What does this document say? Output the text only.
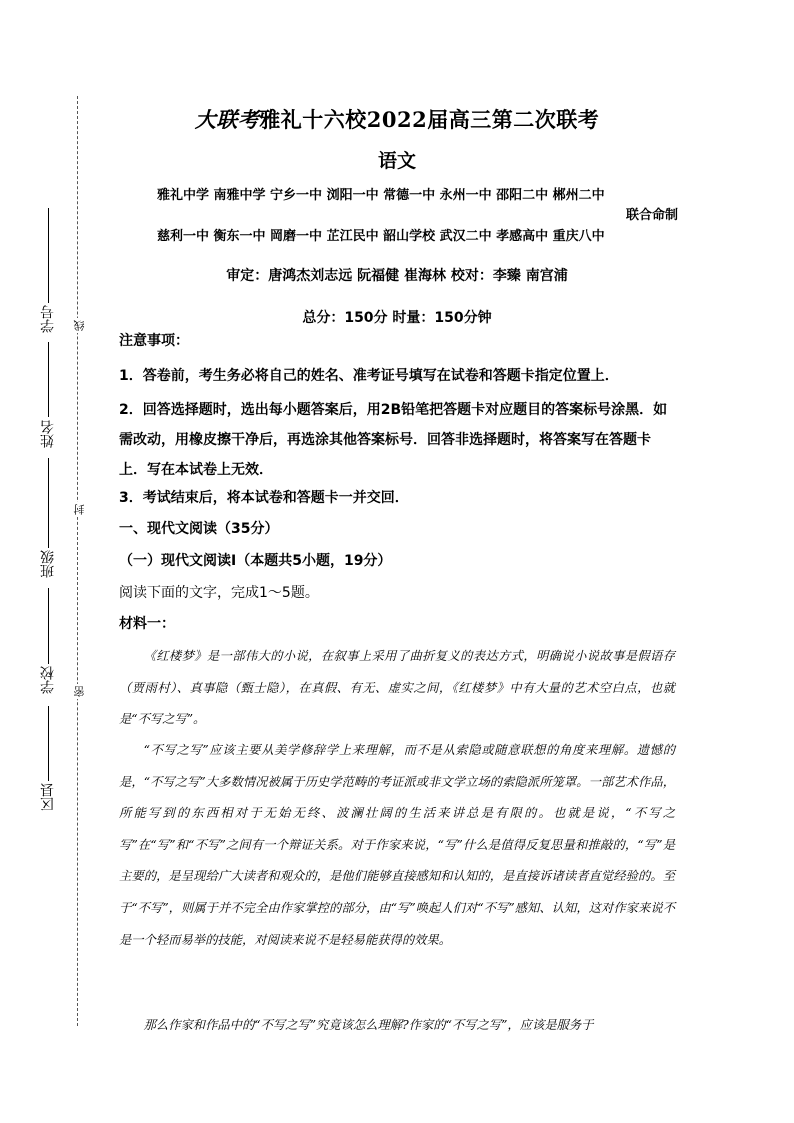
学号
姓名
班级
学校
区县
线
封
密
大联考雅礼十六校2022届高三第二次联考
语文
雅礼中学 南雅中学 宁乡一中 浏阳一中 常德一中 永州一中 邵阳二中 郴州二中
联合命制
慈利一中 衡东一中 岡磨一中 芷江民中 韶山学校 武汉二中 孝感高中 重庆八中
审定：唐鸿杰刘志远 阮福健 崔海林 校对：李臻 南宫浦
总分：150分 时量：150分钟
注意事项：
1．答卷前，考生务必将自己的姓名、准考证号填写在试卷和答题卡指定位置上．
2．回答选择题时，选出每小题答案后，用2B铅笔把答题卡对应题目的答案标号涂黑．如需改动，用橡皮擦干净后，再选涂其他答案标号．回答非选择题时，将答案写在答题卡上．写在本试卷上无效．
3．考试结束后，将本试卷和答题卡一并交回．
一、现代文阅读（35分）
（一）现代文阅读Ⅰ（本题共5小题，19分）
阅读下面的文字，完成1～5题。
材料一：

《红楼梦》是一部伟大的小说，在叙事上采用了曲折复义的表达方式，明确说小说故事是假语存（贾雨村）、真事隐（甄士隐），在真假、有无、虚实之间，《红楼梦》中有大量的艺术空白点，也就是“不写之写”。

“不写之写”应该主要从美学修辞学上来理解，而不是从索隐或随意联想的角度来理解。遗憾的是，“不写之写”大多数情况被属于历史学范畴的考证派或非文学立场的索隐派所笼罩。一部艺术作品，所能写到的东西相对于无始无终、波澜壮阔的生活来讲总是有限的。也就是说，“不写之写”在“写”和“不写”之间有一个辩证关系。对于作家来说，“写”什么是值得反复思量和推敲的，“写”是主要的，是呈现给广大读者和观众的，是他们能够直接感知和认知的，是直接诉诸读者直觉经验的。至于“不写”，则属于并不完全由作家掌控的部分，由“写”唤起人们对“不写”感知、认知，这对作家来说不是一个轻而易举的技能，对阅读来说不是轻易能获得的效果。

那么作家和作品中的“不写之写”究竟该怎么理解?作家的“不写之写”，应该是服务于
